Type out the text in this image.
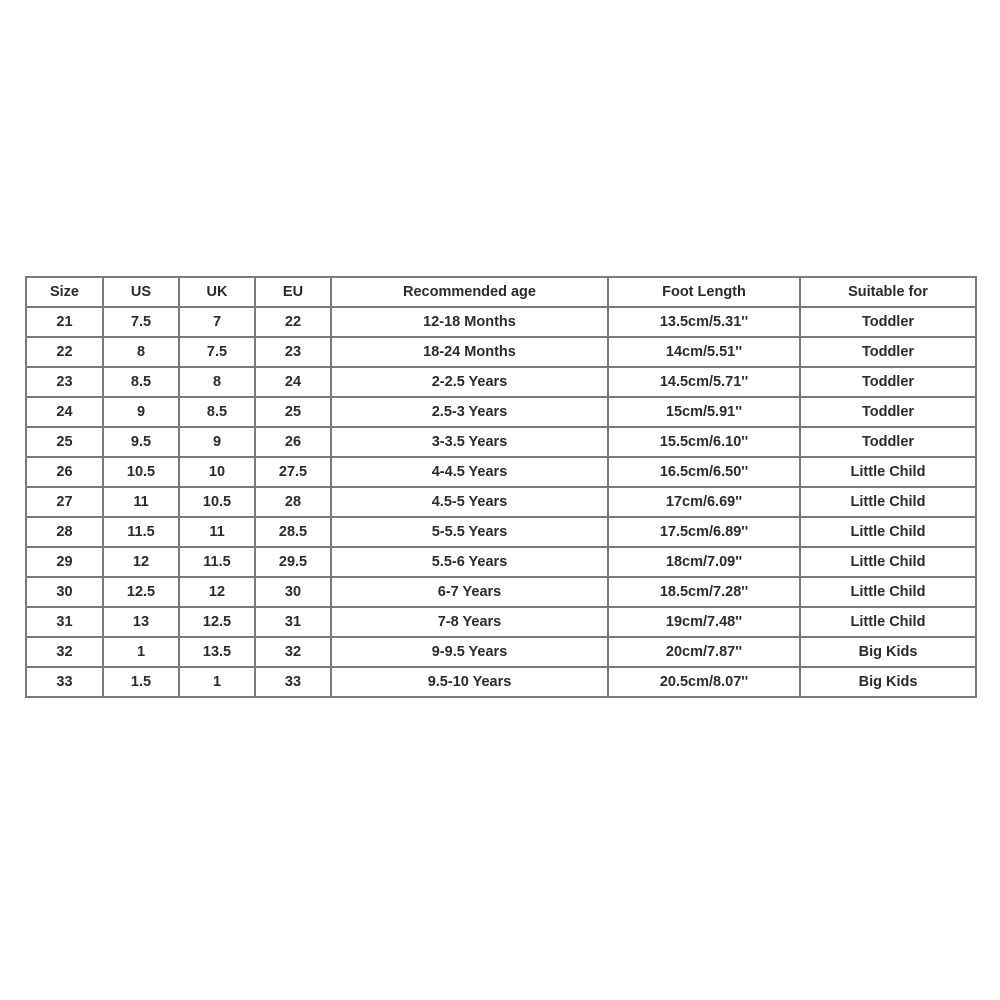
Size	US	UK	EU	Recommended age	Foot Length	Suitable for
21	7.5	7	22	12-18 Months	13.5cm/5.31''	Toddler
22	8	7.5	23	18-24 Months	14cm/5.51''	Toddler
23	8.5	8	24	2-2.5 Years	14.5cm/5.71''	Toddler
24	9	8.5	25	2.5-3 Years	15cm/5.91''	Toddler
25	9.5	9	26	3-3.5 Years	15.5cm/6.10''	Toddler
26	10.5	10	27.5	4-4.5 Years	16.5cm/6.50''	Little Child
27	11	10.5	28	4.5-5 Years	17cm/6.69''	Little Child
28	11.5	11	28.5	5-5.5 Years	17.5cm/6.89''	Little Child
29	12	11.5	29.5	5.5-6 Years	18cm/7.09''	Little Child
30	12.5	12	30	6-7 Years	18.5cm/7.28''	Little Child
31	13	12.5	31	7-8 Years	19cm/7.48''	Little Child
32	1	13.5	32	9-9.5 Years	20cm/7.87''	Big Kids
33	1.5	1	33	9.5-10 Years	20.5cm/8.07''	Big Kids
